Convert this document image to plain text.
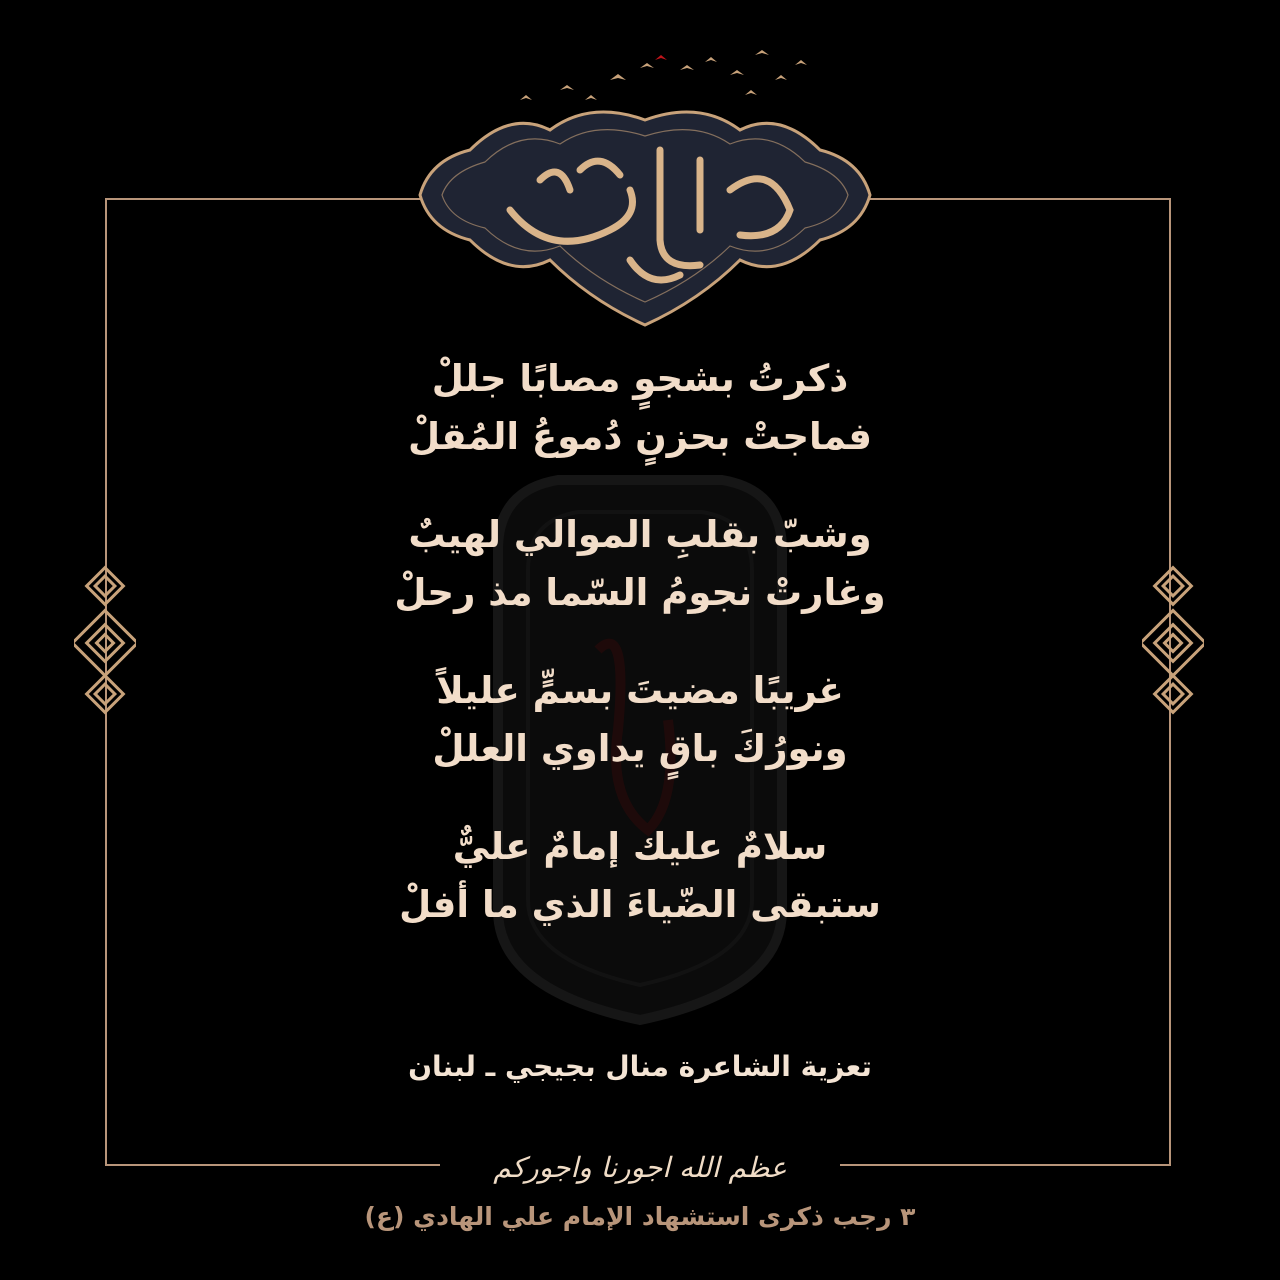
ذكرتُ بشجوٍ مصابًا جللْ
فماجتْ بحزنٍ دُموعُ المُقلْ
وشبّ بقلبِ الموالي لهيبٌ
وغارتْ نجومُ السّما مذ رحلْ
غريبًا مضيتَ بسمٍّ عليلاً
ونورُكَ باقٍ يداوي العللْ
سلامٌ عليك إمامٌ عليٌّ
ستبقى الضّياءَ الذي ما أفلْ
تعزية الشاعرة منال بجيجي ـ لبنان
عظم الله اجورنا واجوركم
٣ رجب ذكرى استشهاد الإمام علي الهادي (ع)
